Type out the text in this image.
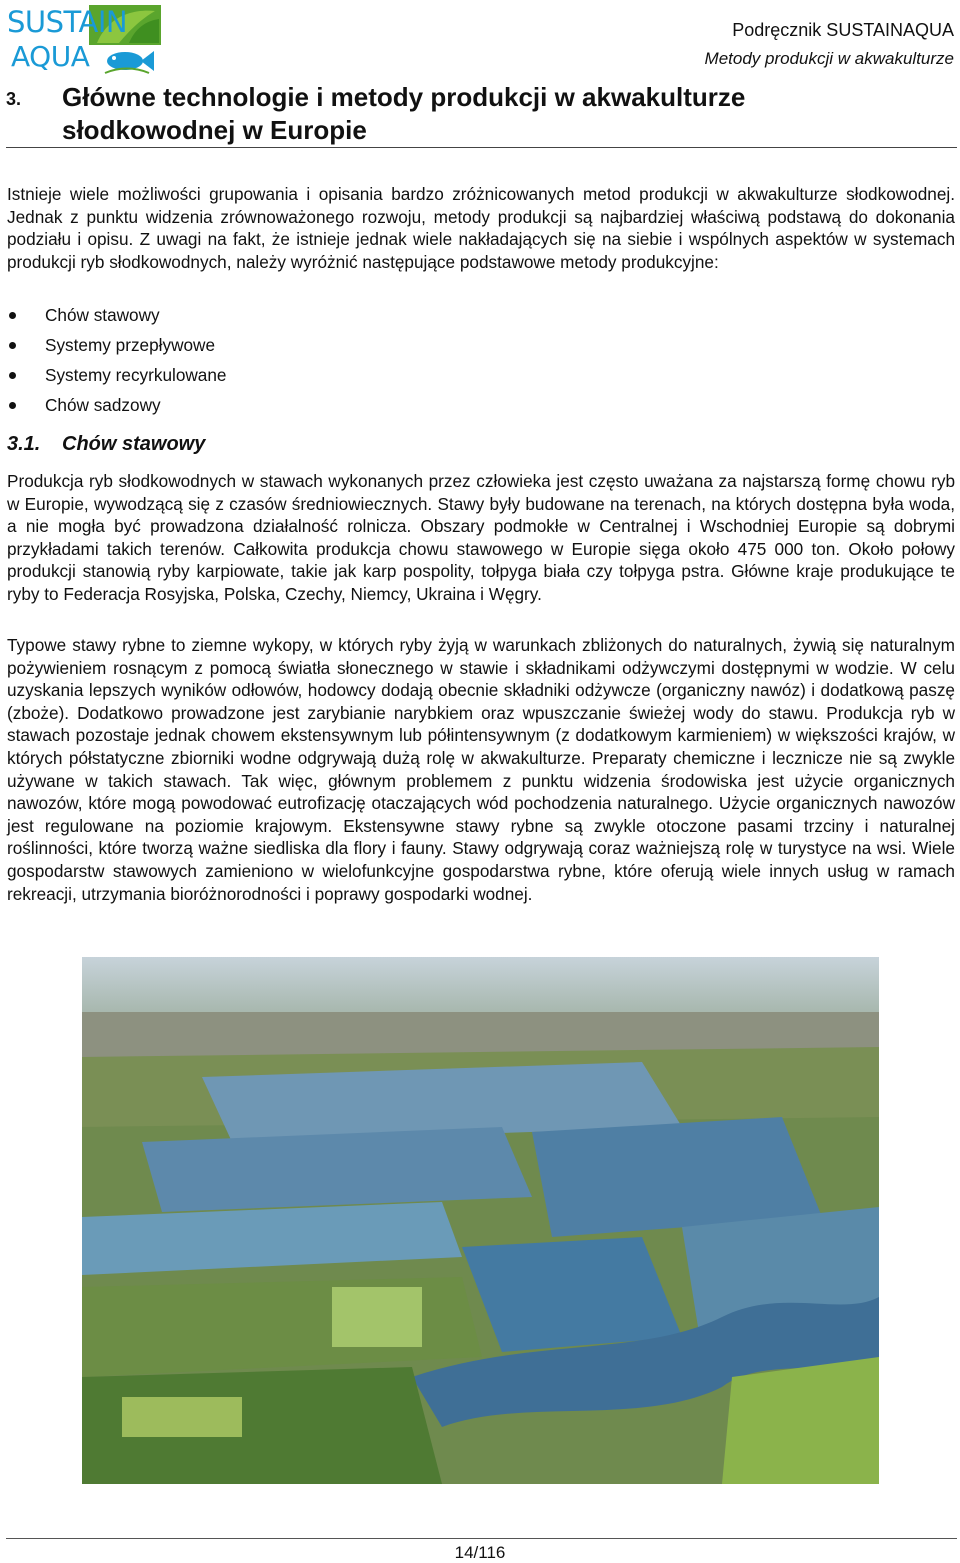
SUSTAIN
AQUA
Podręcznik SUSTAINAQUA
Metody produkcji w akwakulturze
3. Główne technologie i metody produkcji w akwakulturze słodkowodnej w Europie

Istnieje wiele możliwości grupowania i opisania bardzo zróżnicowanych metod produkcji w akwakulturze słodkowodnej. Jednak z punktu widzenia zrównoważonego rozwoju, metody produkcji są najbardziej właściwą podstawą do dokonania podziału i opisu. Z uwagi na fakt, że istnieje jednak wiele nakładających się na siebie i wspólnych aspektów w systemach produkcji ryb słodkowodnych, należy wyróżnić następujące podstawowe metody produkcyjne:

Chów stawowy
Systemy przepływowe
Systemy recyrkulowane
Chów sadzowy
3.1. Chów stawowy

Produkcja ryb słodkowodnych w stawach wykonanych przez człowieka jest często uważana za najstarszą formę chowu ryb w Europie, wywodzącą się z czasów średniowiecznych. Stawy były budowane na terenach, na których dostępna była woda, a nie mogła być prowadzona działalność rolnicza. Obszary podmokłe w Centralnej i Wschodniej Europie są dobrymi przykładami takich terenów. Całkowita produkcja chowu stawowego w Europie sięga około 475 000 ton. Około połowy produkcji stanowią ryby karpiowate, takie jak karp pospolity, tołpyga biała czy tołpyga pstra. Główne kraje produkujące te ryby to Federacja Rosyjska, Polska, Czechy, Niemcy, Ukraina i Węgry.

Typowe stawy rybne to ziemne wykopy, w których ryby żyją w warunkach zbliżonych do naturalnych, żywią się naturalnym pożywieniem rosnącym z pomocą światła słonecznego w stawie i składnikami odżywczymi dostępnymi w wodzie. W celu uzyskania lepszych wyników odłowów, hodowcy dodają obecnie składniki odżywcze (organiczny nawóz) i dodatkową paszę (zboże). Dodatkowo prowadzone jest zarybianie narybkiem oraz wpuszczanie świeżej wody do stawu. Produkcja ryb w stawach pozostaje jednak chowem ekstensywnym lub półintensywnym (z dodatkowym karmieniem) w większości krajów, w których półstatyczne zbiorniki wodne odgrywają dużą rolę w akwakulturze. Preparaty chemiczne i lecznicze nie są zwykle używane w takich stawach. Tak więc, głównym problemem z punktu widzenia środowiska jest użycie organicznych nawozów, które mogą powodować eutrofizację otaczających wód pochodzenia naturalnego. Użycie organicznych nawozów jest regulowane na poziomie krajowym. Ekstensywne stawy rybne są zwykle otoczone pasami trzciny i naturalnej roślinności, które tworzą ważne siedliska dla flory i fauny. Stawy odgrywają coraz ważniejszą rolę w turystyce na wsi. Wiele gospodarstw stawowych zamieniono w wielofunkcyjne gospodarstwa rybne, które oferują wiele innych usług w ramach rekreacji, utrzymania bioróżnorodności i poprawy gospodarki wodnej.

14/116
